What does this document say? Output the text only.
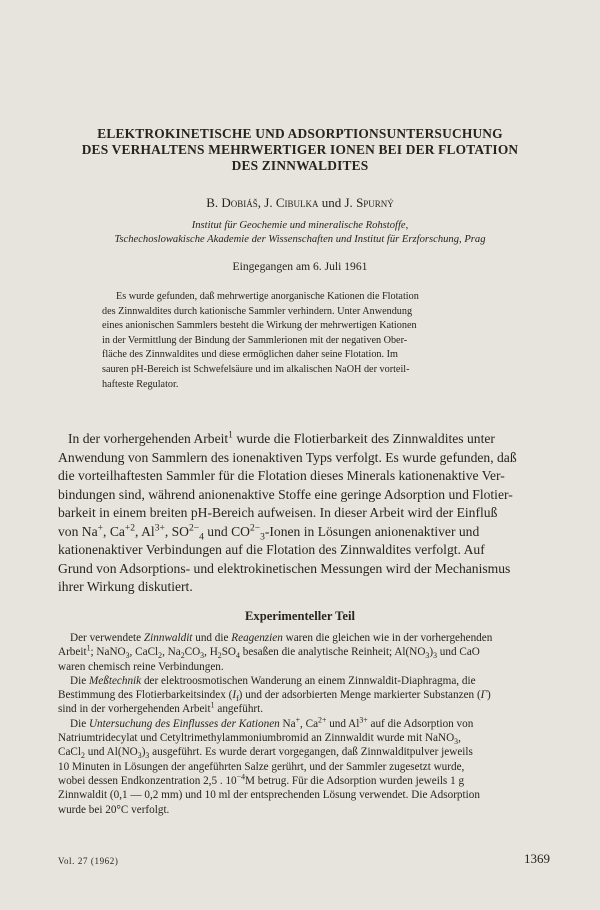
ELEKTROKINETISCHE UND ADSORPTIONSUNTERSUCHUNG
DES VERHALTENS MEHRWERTIGER IONEN BEI DER FLOTATION
DES ZINNWALDITES
B. Dobiáš, J. Cibulka und J. Spurný
Institut für Geochemie und mineralische Rohstoffe,
Tschechoslowakische Akademie der Wissenschaften und Institut für Erzforschung, Prag
Eingegangen am 6. Juli 1961
Es wurde gefunden, daß mehrwertige anorganische Kationen die Flotation
des Zinnwaldites durch kationische Sammler verhindern. Unter Anwendung
eines anionischen Sammlers besteht die Wirkung der mehrwertigen Kationen
in der Vermittlung der Bindung der Sammlerionen mit der negativen Ober-
fläche des Zinnwaldites und diese ermöglichen daher seine Flotation. Im
sauren pH-Bereich ist Schwefelsäure und im alkalischen NaOH der vorteil-
hafteste Regulator.
In der vorhergehenden Arbeit$^1$ wurde die Flotierbarkeit des Zinnwaldites unter
Anwendung von Sammlern des ionenaktiven Typs verfolgt. Es wurde gefunden, daß
die vorteilhaftesten Sammler für die Flotation dieses Minerals kationenaktive Ver-
bindungen sind, während anionenaktive Stoffe eine geringe Adsorption und Flotier-
barkeit in einem breiten pH-Bereich aufweisen. In dieser Arbeit wird der Einfluß
von Na+, $Ca^{+2}$, $Al^{3+}$, $SO^{2-}_4$ und $CO^{2-}_3$-Ionen in Lösungen anionenaktiver und
kationenaktiver Verbindungen auf die Flotation des Zinnwaldites verfolgt. Auf
Grund von Adsorptions- und elektrokinetischen Messungen wird der Mechanismus
ihrer Wirkung diskutiert.
Experimenteller Teil
Der verwendete Zinnwaldit und die Reagenzien waren die gleichen wie in der vorhergehenden
Arbeit$^1$; NaNO$_3$, CaCl$_2$, $Na_2CO_3$, $H_2SO_4$ besaßen die analytische Reinheit; $Al(NO_3)_3$ und CaO
waren chemisch reine Verbindungen.
Die Meßtechnik der elektroosmotischen Wanderung an einem Zinnwaldit-Diaphragma, die
Bestimmung des Flotierbarkeitsindex $(I_f)$ und der adsorbierten Menge markierter Substanzen (Γ)
sind in der vorhergehenden Arbeit$^1$ angeführt.
Die Untersuchung des Einflusses der Kationen Na+, $Ca^{2+}$ und $Al^{3+}$ auf die Adsorption von
Natriumtridecylat und Cetyltrimethylammoniumbromid an Zinnwaldit wurde mit NaNO$_3$,
CaCl$_2$ und $Al(NO_3)_3$ ausgeführt. Es wurde derart vorgegangen, daß Zinnwalditpulver jeweils
10 Minuten in Lösungen der angeführten Salze gerührt, und der Sammler zugesetzt wurde,
wobei dessen Endkonzentration 2,5 . $10^{-4}M$ betrug. Für die Adsorption wurden jeweils 1 g
Zinnwaldit (0,1 — 0,2 mm) und 10 ml der entsprechenden Lösung verwendet. Die Adsorption
wurde bei 20°C verfolgt.
Vol. 27 (1962)	1369
